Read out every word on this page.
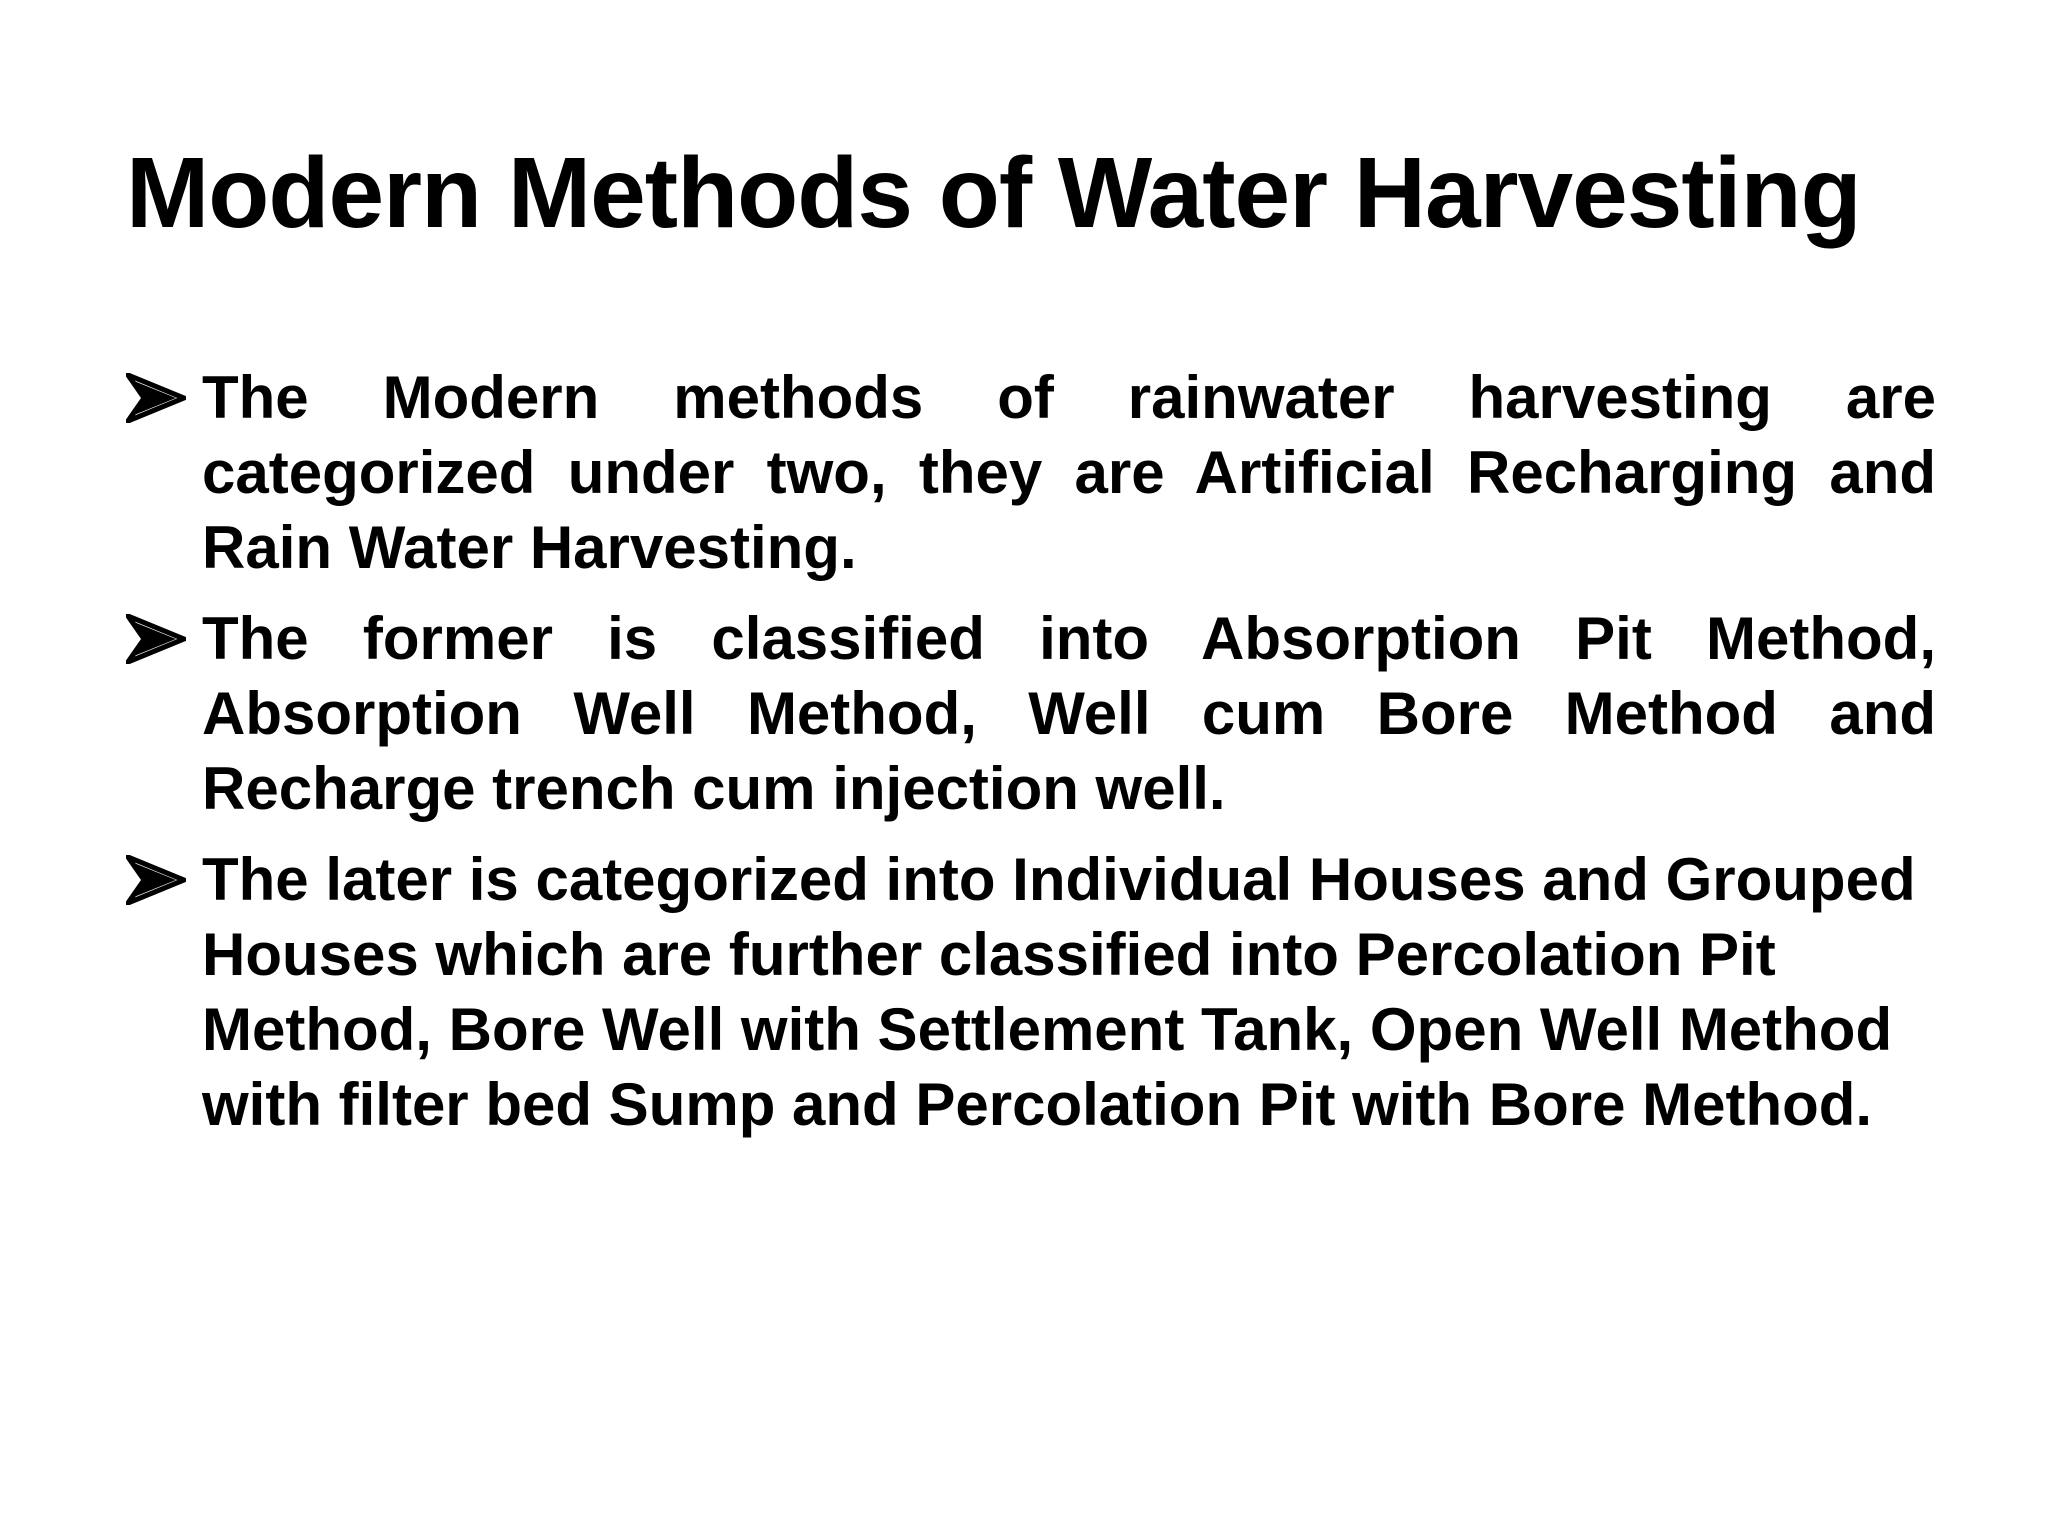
Modern Methods of Water Harvesting
The Modern methods of rainwater harvesting are categorized under two, they are Artificial Recharging and Rain Water Harvesting.
The former is classified into Absorption Pit Method, Absorption Well Method, Well cum Bore Method and Recharge trench cum injection well.
The later is categorized into Individual Houses and Grouped Houses which are further classified into Percolation Pit Method, Bore Well with Settlement Tank, Open Well Method with filter bed Sump and Percolation Pit with Bore Method.
